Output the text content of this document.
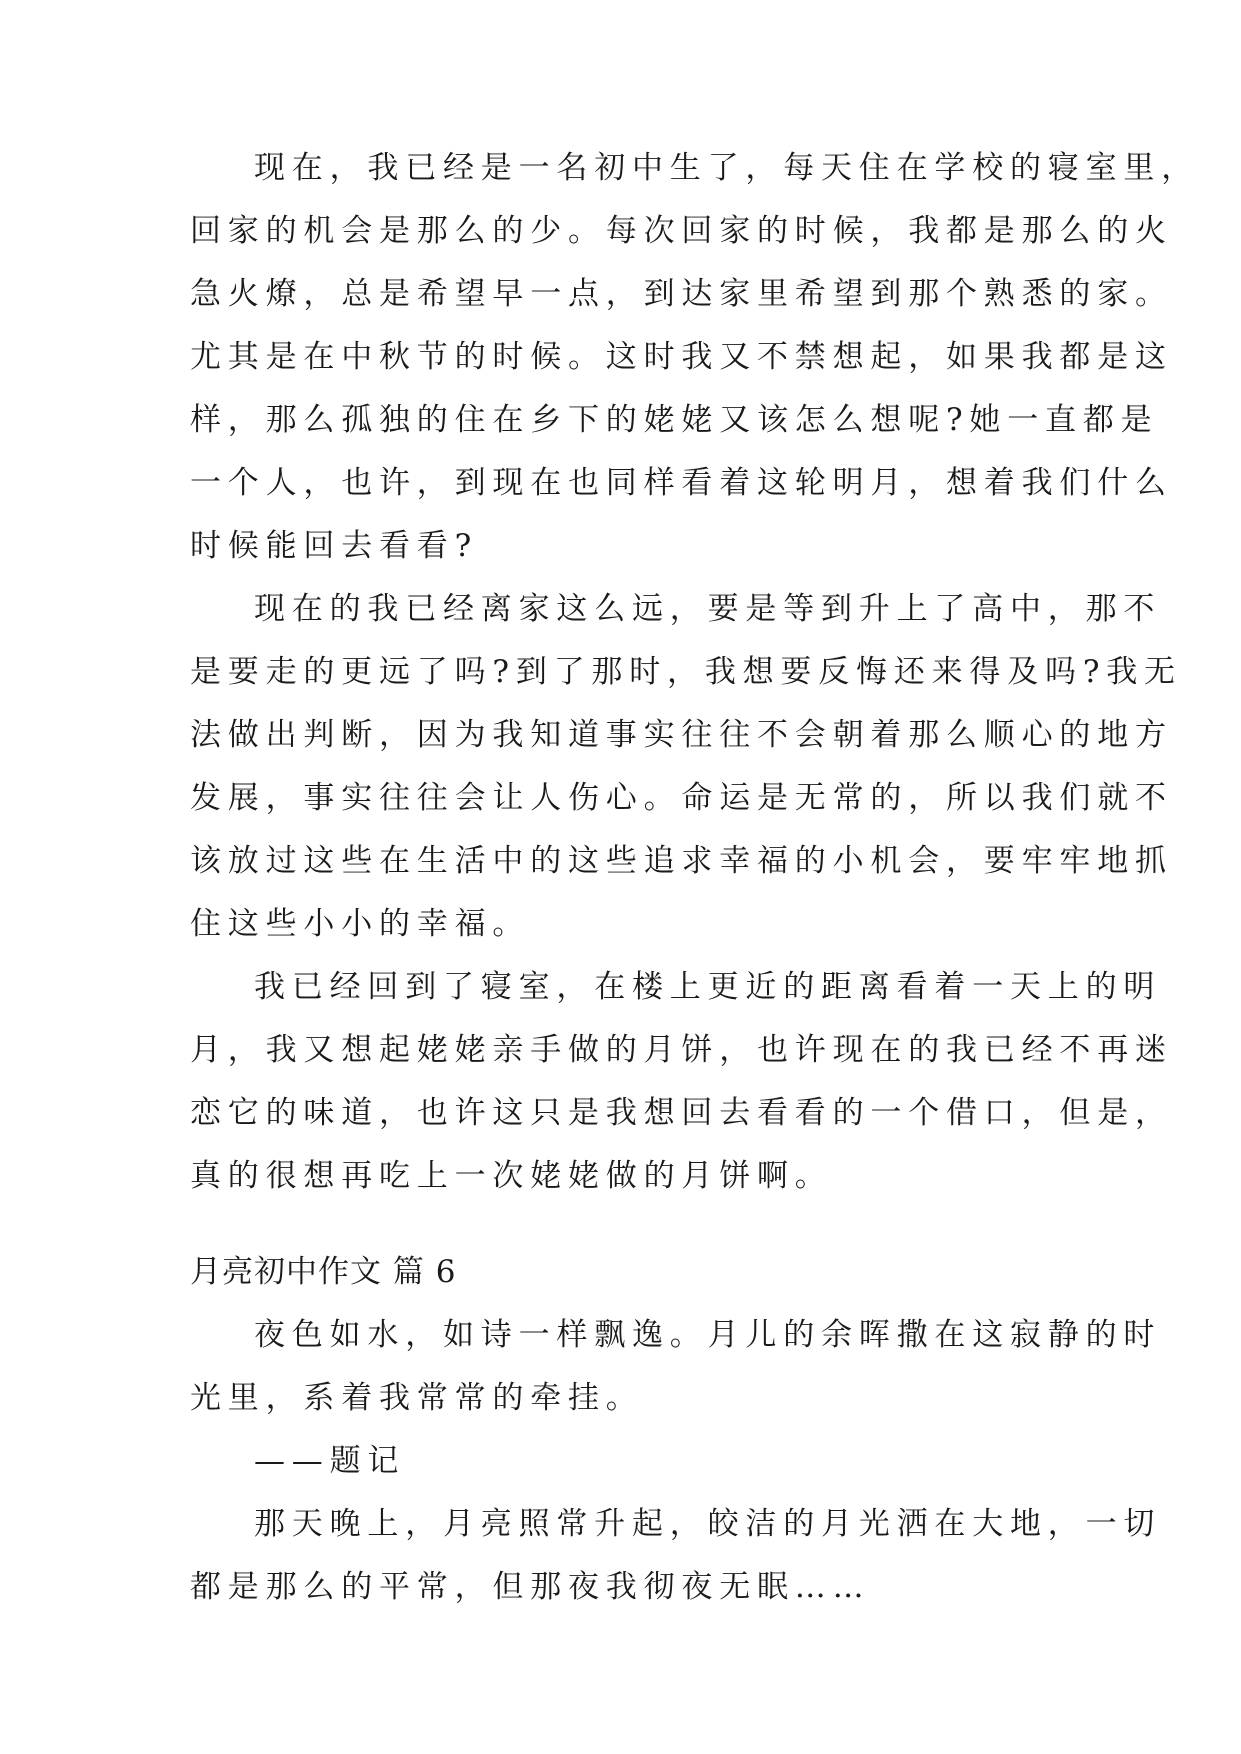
现在，我已经是一名初中生了，每天住在学校的寝室里，

回家的机会是那么的少。每次回家的时候，我都是那么的火

急火燎，总是希望早一点，到达家里希望到那个熟悉的家。

尤其是在中秋节的时候。这时我又不禁想起，如果我都是这

样，那么孤独的住在乡下的姥姥又该怎么想呢?她一直都是

一个人，也许，到现在也同样看着这轮明月，想着我们什么

时候能回去看看?

现在的我已经离家这么远，要是等到升上了高中，那不

是要走的更远了吗?到了那时，我想要反悔还来得及吗?我无

法做出判断，因为我知道事实往往不会朝着那么顺心的地方

发展，事实往往会让人伤心。命运是无常的，所以我们就不

该放过这些在生活中的这些追求幸福的小机会，要牢牢地抓

住这些小小的幸福。

我已经回到了寝室，在楼上更近的距离看着一天上的明

月，我又想起姥姥亲手做的月饼，也许现在的我已经不再迷

恋它的味道，也许这只是我想回去看看的一个借口，但是，

真的很想再吃上一次姥姥做的月饼啊。

月亮初中作文 篇 6

夜色如水，如诗一样飘逸。月儿的余晖撒在这寂静的时

光里，系着我常常的牵挂。

——题记

那天晚上，月亮照常升起，皎洁的月光洒在大地，一切

都是那么的平常，但那夜我彻夜无眠……
